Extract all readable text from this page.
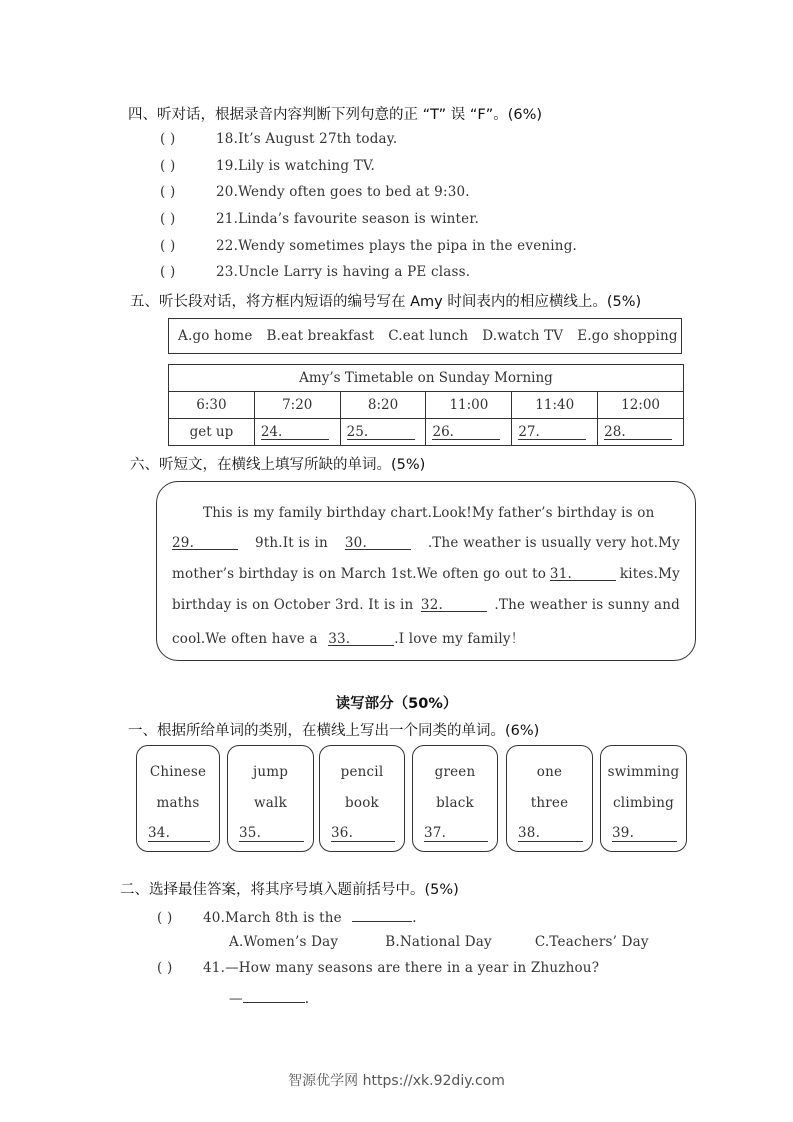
四、听对话，根据录音内容判断下列句意的正 “T” 误 “F”。(6%)
( )	18.It’s August 27th today.
( )	19.Lily is watching TV.
( )	20.Wendy often goes to bed at 9:30.
( )	21.Linda’s favourite season is winter.
( )	22.Wendy sometimes plays the pipa in the evening.
( )	23.Uncle Larry is having a PE class.
五、听长段对话，将方框内短语的编号写在 Amy 时间表内的相应横线上。(5%)
A.go home B.eat breakfast C.eat lunch D.watch TV E.go shopping
Amy’s Timetable on Sunday Morning					
6:30	7:20	8:20	11:00	11:40	12:00
get up	24.	25.	26.	27.	28.
六、听短文，在横线上填写所缺的单词。(5%)
This is my family birthday chart.Look!My father’s birthday is on
29.	9th.It is in 30.	.The weather is usually very hot.My
mother’s birthday is on March 1st.We often go out to 31.	kites.My
birthday is on October 3rd. It is in 32.	.The weather is sunny and
cool.We often have a 33.	.I love my family！
读写部分（50%）
一、根据所给单词的类别，在横线上写出一个同类的单词。(6%)
Chinese
maths
34.
jump
walk
35.
pencil
book
36.
green
black
37.
one
three
38.
swimming
climbing
39.
二、选择最佳答案，将其序号填入题前括号中。(5%)
( ) 40.March 8th is the	.
A.Women’s Day	B.National Day	C.Teachers’ Day
( ) 41.—How many seasons are there in a year in Zhuzhou?
—	.
智源优学网 https://xk.92diy.com
